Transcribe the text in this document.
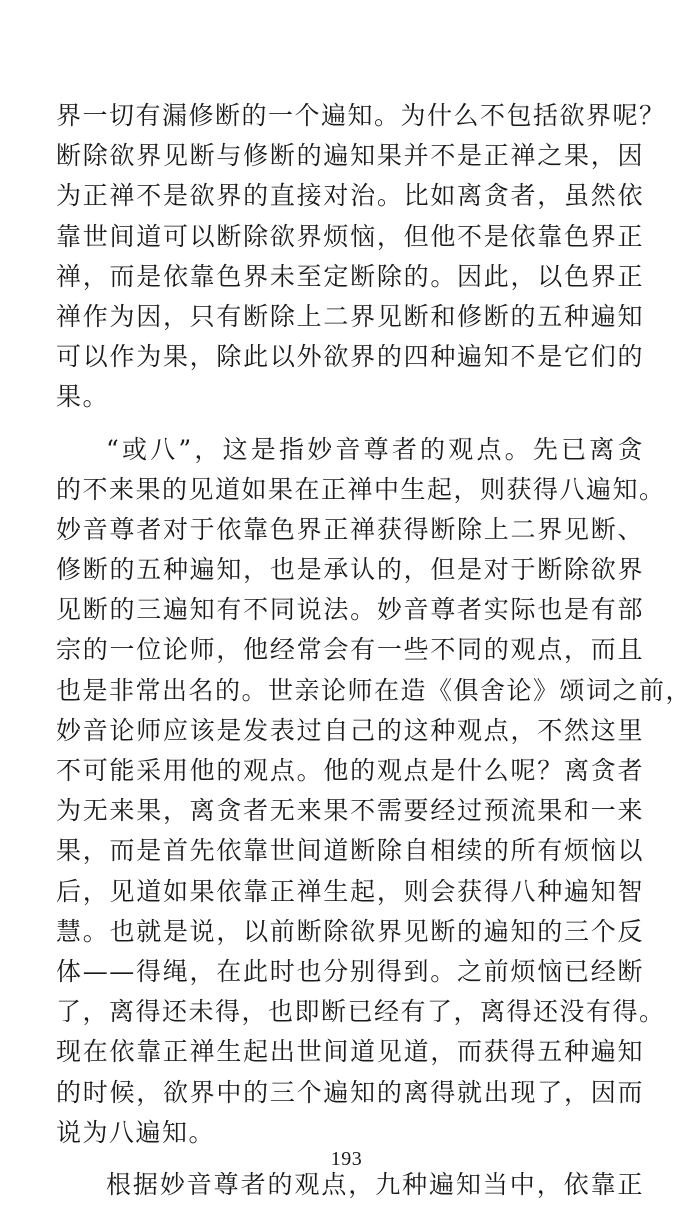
界一切有漏修断的一个遍知。为什么不包括欲界呢？
断除欲界见断与修断的遍知果并不是正禅之果，因
为正禅不是欲界的直接对治。比如离贪者，虽然依
靠世间道可以断除欲界烦恼，但他不是依靠色界正
禅，而是依靠色界未至定断除的。因此，以色界正
禅作为因，只有断除上二界见断和修断的五种遍知
可以作为果，除此以外欲界的四种遍知不是它们的
果。
“或八”，这是指妙音尊者的观点。先已离贪
的不来果的见道如果在正禅中生起，则获得八遍知。
妙音尊者对于依靠色界正禅获得断除上二界见断、
修断的五种遍知，也是承认的，但是对于断除欲界
见断的三遍知有不同说法。妙音尊者实际也是有部
宗的一位论师，他经常会有一些不同的观点，而且
也是非常出名的。世亲论师在造《俱舍论》颂词之前，
妙音论师应该是发表过自己的这种观点，不然这里
不可能采用他的观点。他的观点是什么呢？离贪者
为无来果，离贪者无来果不需要经过预流果和一来
果，而是首先依靠世间道断除自相续的所有烦恼以
后，见道如果依靠正禅生起，则会获得八种遍知智
慧。也就是说，以前断除欲界见断的遍知的三个反
体——得绳，在此时也分别得到。之前烦恼已经断
了，离得还未得，也即断已经有了，离得还没有得。
现在依靠正禅生起出世间道见道，而获得五种遍知
的时候，欲界中的三个遍知的离得就出现了，因而
说为八遍知。
根据妙音尊者的观点，九种遍知当中，依靠正
193
